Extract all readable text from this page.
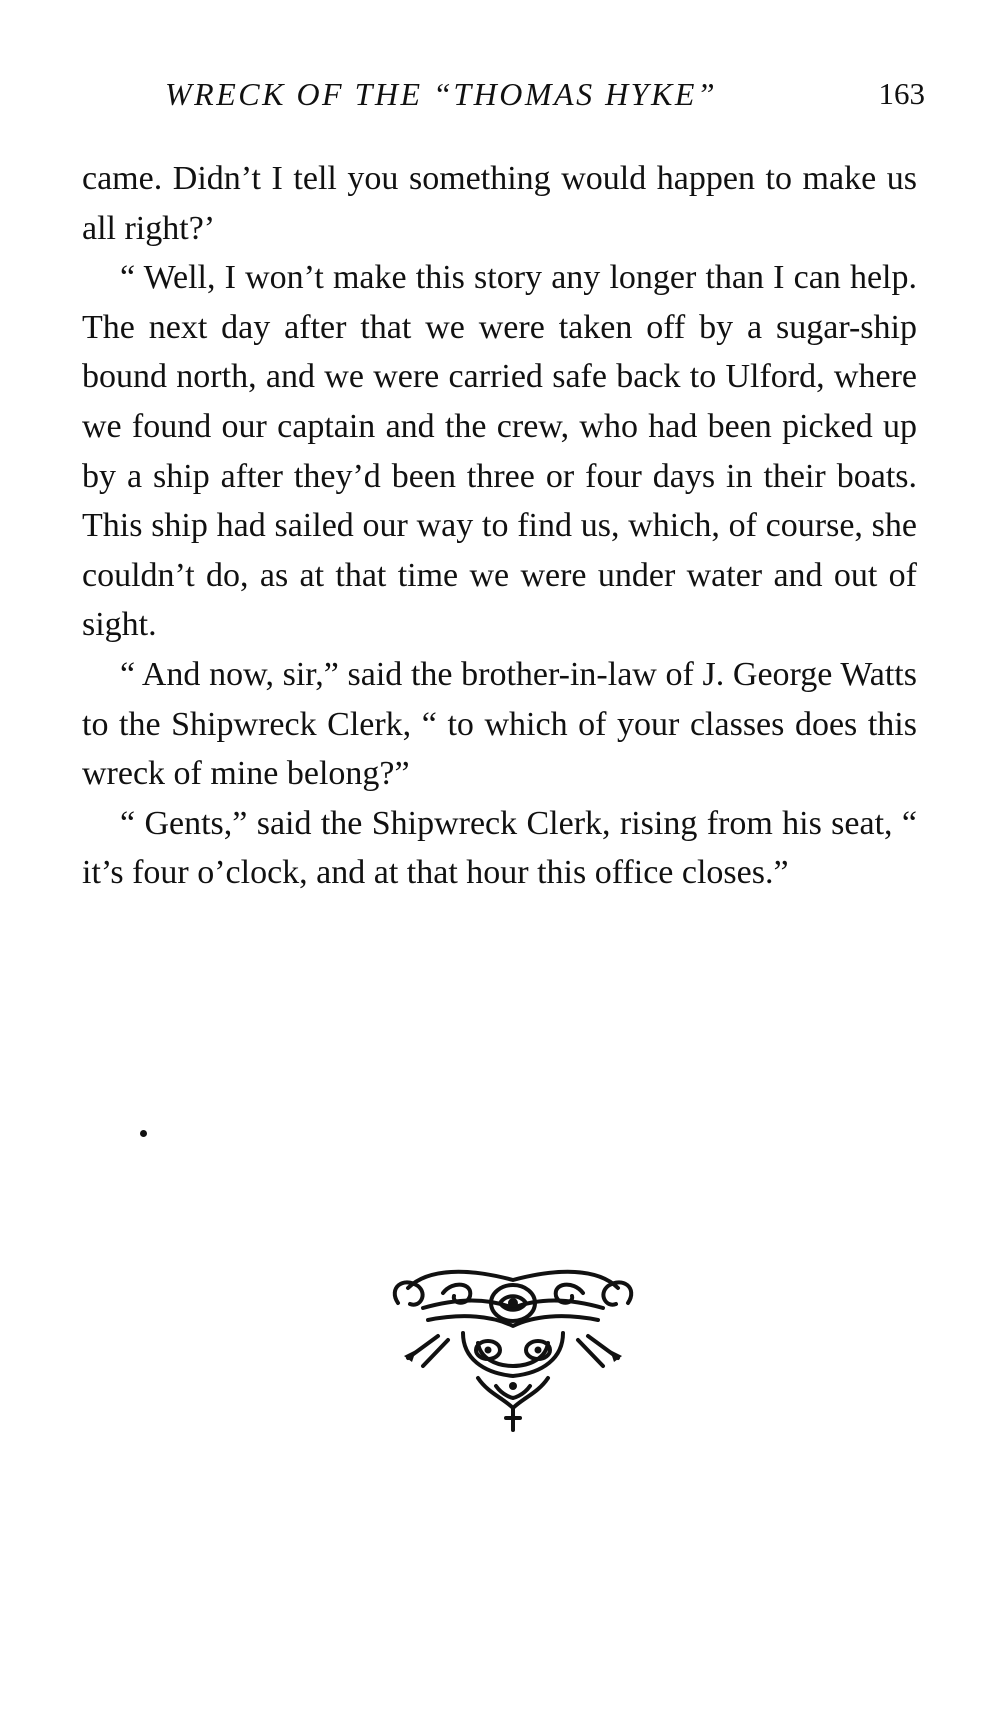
WRECK OF THE “THOMAS HYKE”	163

came. Didn’t I tell you something would happen to make us all right?’

“ Well, I won’t make this story any longer than I can help. The next day after that we were taken off by a sugar-ship bound north, and we were carried safe back to Ulford, where we found our captain and the crew, who had been picked up by a ship after they’d been three or four days in their boats. This ship had sailed our way to find us, which, of course, she couldn’t do, as at that time we were under water and out of sight.

“ And now, sir,” said the brother-in-law of J. George Watts to the Shipwreck Clerk, “ to which of your classes does this wreck of mine belong?”

“ Gents,” said the Shipwreck Clerk, rising from his seat, “ it’s four o’clock, and at that hour this office closes.”
